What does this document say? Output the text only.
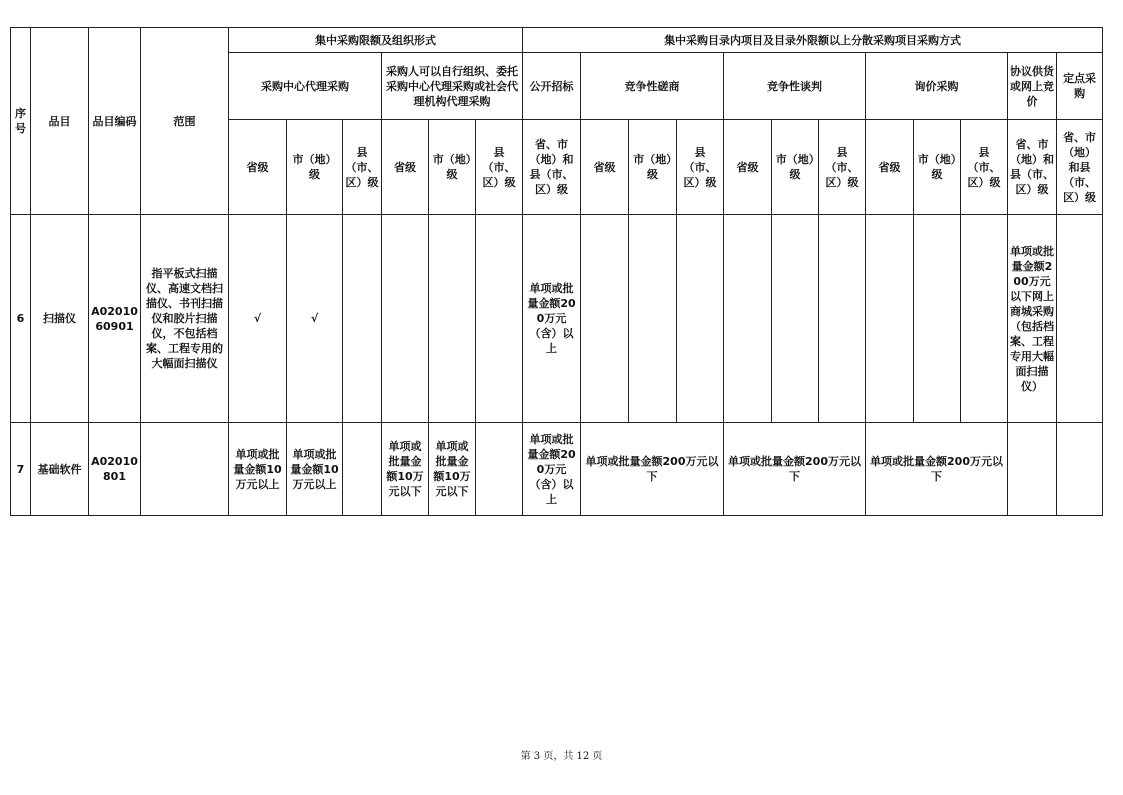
序号	品目	品目编码	范围	集中采购限额及组织形式						集中采购目录内项目及目录外限额以上分散采购项目采购方式											
				采购中心代理采购			采购人可以自行组织、委托采购中心代理采购或社会代理机构代理采购			公开招标	竞争性磋商			竞争性谈判			询价采购			协议供货或网上竞价	定点采购
				省级	市（地）级	县（市、区）级	省级	市（地）级	县（市、区）级	省、市（地）和县（市、区）级	省级	市（地）级	县（市、区）级	省级	市（地）级	县（市、区）级	省级	市（地）级	县（市、区）级	省、市（地）和县（市、区）级	省、市（地）和县（市、区）级
6	扫描仪	A0201060901	指平板式扫描仪、高速文档扫描仪、书刊扫描仪和胶片扫描仪，不包括档案、工程专用的大幅面扫描仪	√	√					单项或批量金额200万元（含）以上										单项或批量金额200万元以下网上商城采购（包括档案、工程专用大幅面扫描仪）	
7	基础软件	A02010801		单项或批量金额10万元以上	单项或批量金额10万元以上		单项或批量金额10万元以下	单项或批量金额10万元以下		单项或批量金额200万元（含）以上	单项或批量金额200万元以下			单项或批量金额200万元以下			单项或批量金额200万元以下				
第 3 页，共 12 页
